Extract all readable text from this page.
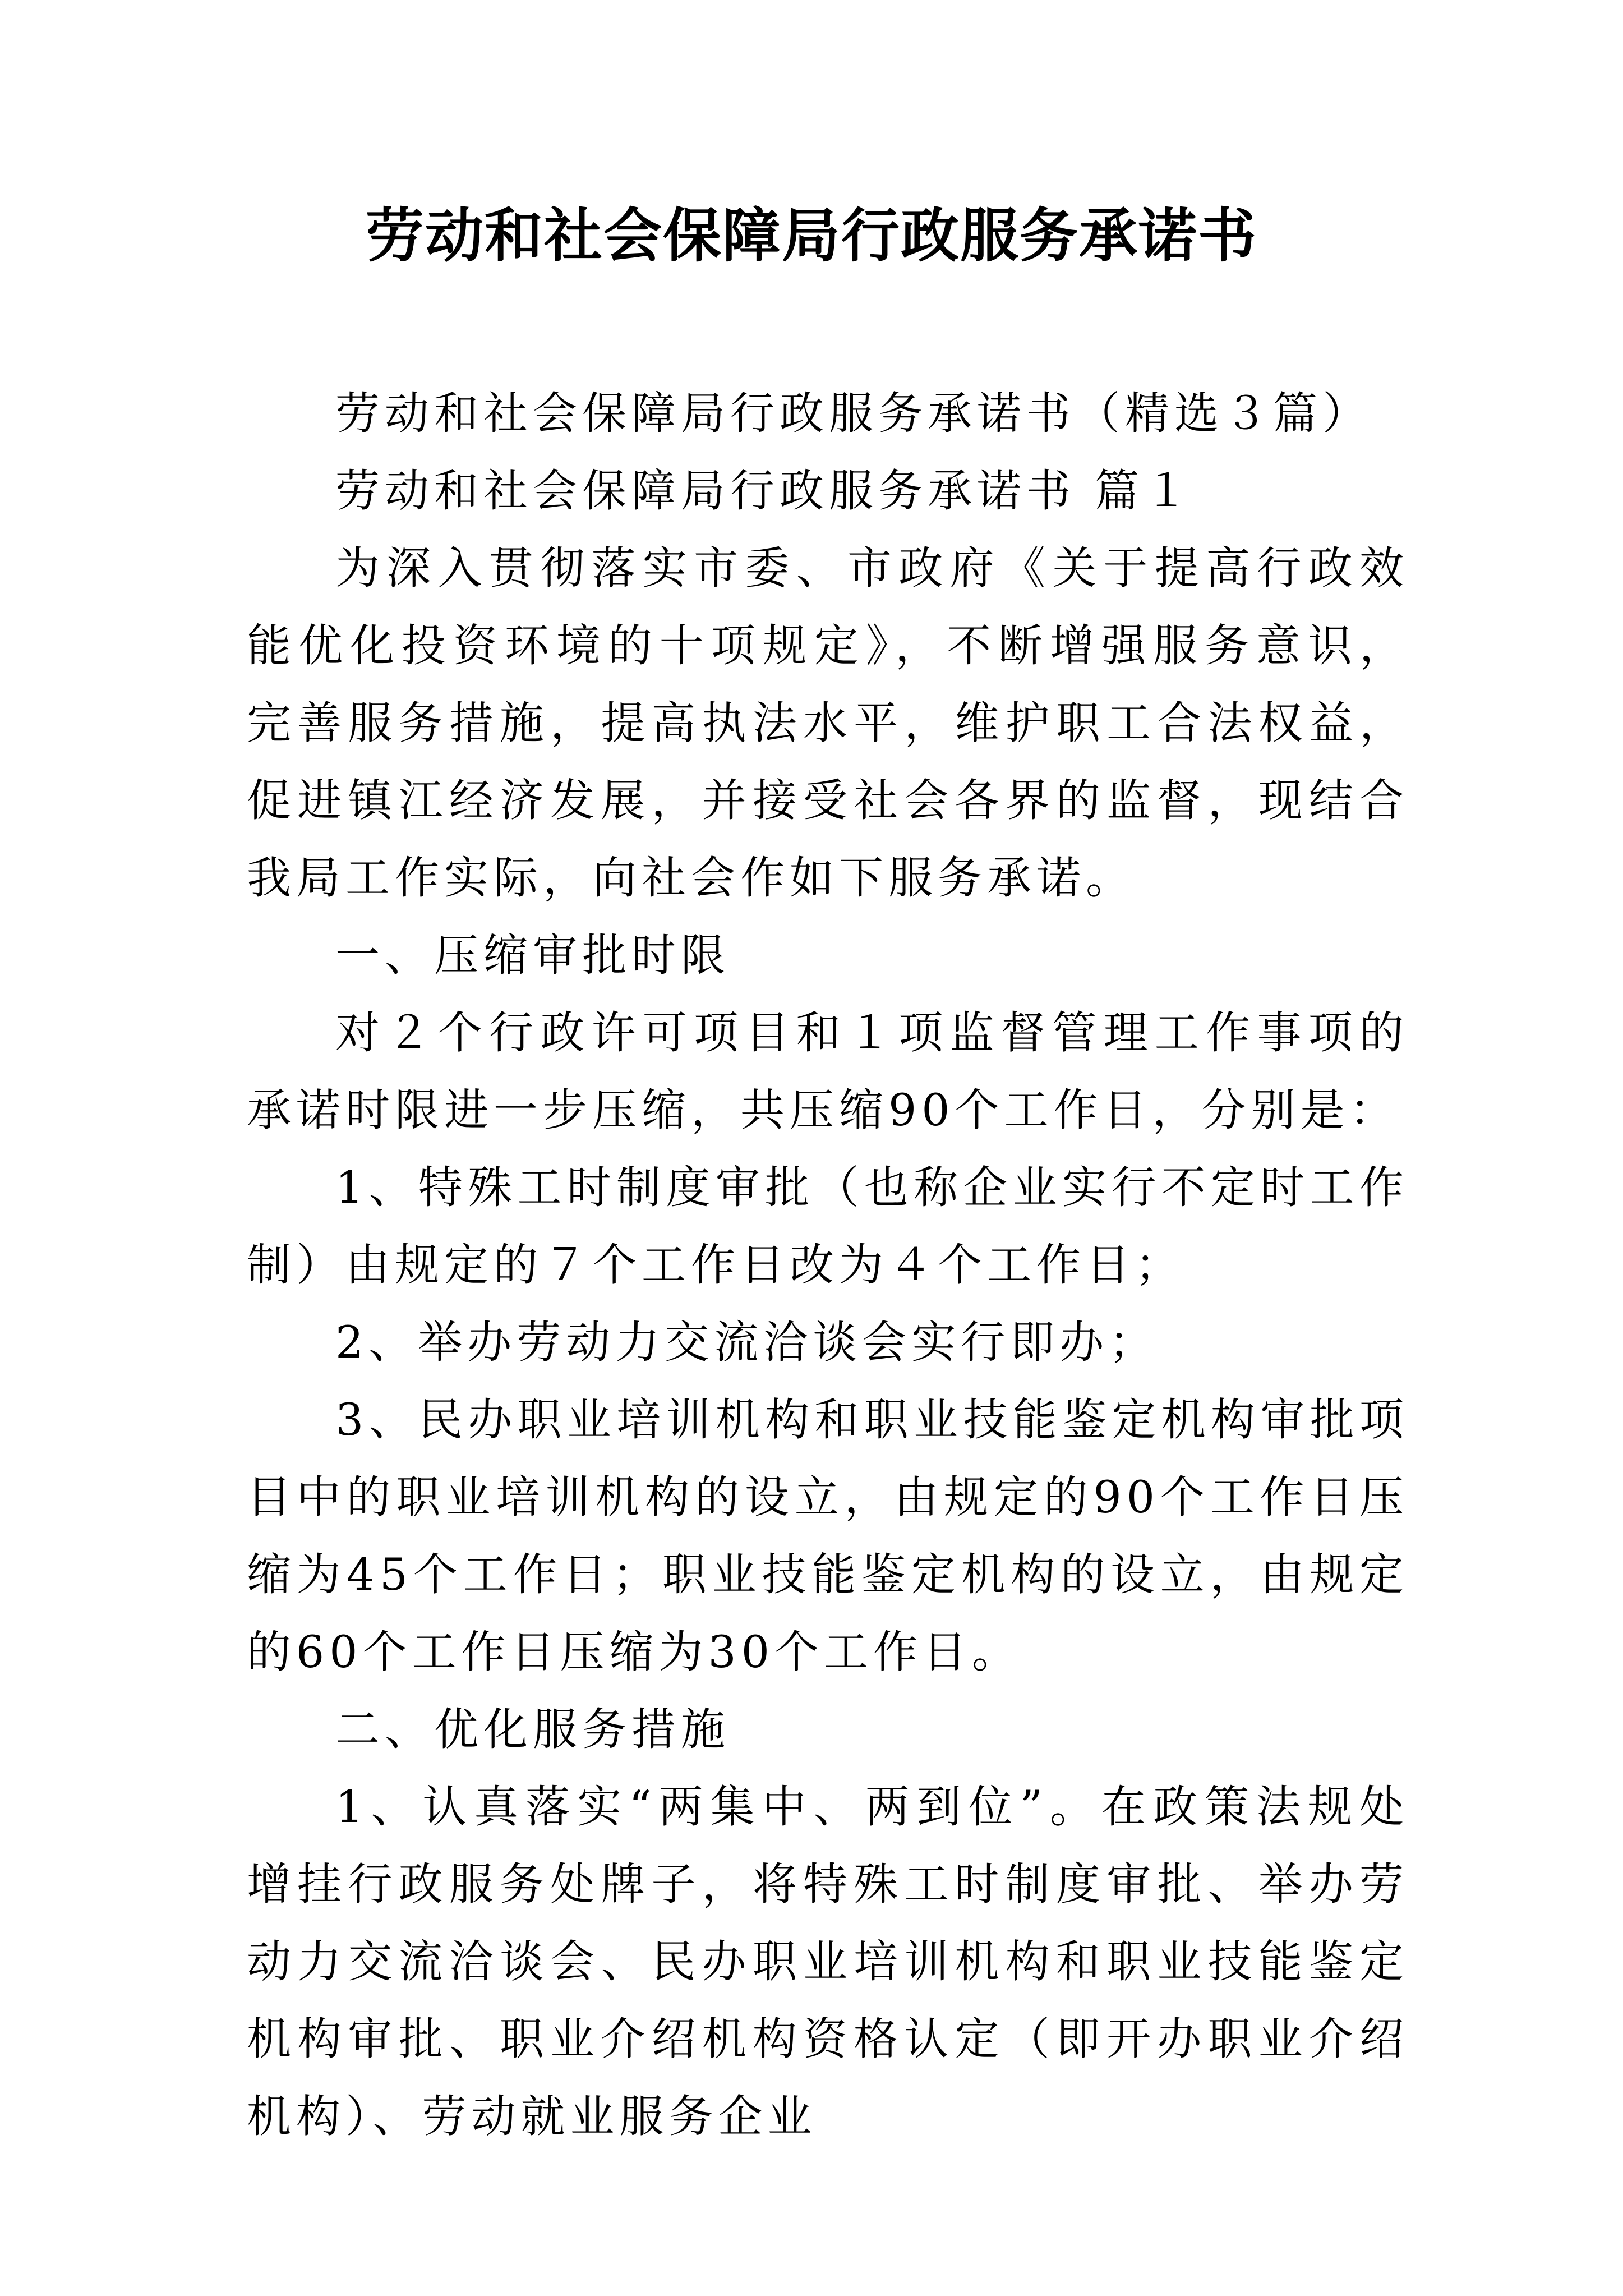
劳动和社会保障局行政服务承诺书

劳动和社会保障局行政服务承诺书（精选３篇）

劳动和社会保障局行政服务承诺书 篇１

为深入贯彻落实市委、市政府《关于提高行政效能优化投资环境的十项规定》，不断增强服务意识，完善服务措施，提高执法水平，维护职工合法权益，促进镇江经济发展，并接受社会各界的监督，现结合我局工作实际，向社会作如下服务承诺。

一、压缩审批时限

对２个行政许可项目和１项监督管理工作事项的承诺时限进一步压缩，共压缩90个工作日，分别是：

1、特殊工时制度审批（也称企业实行不定时工作制）由规定的７个工作日改为４个工作日；

2、举办劳动力交流洽谈会实行即办；

3、民办职业培训机构和职业技能鉴定机构审批项目中的职业培训机构的设立，由规定的90个工作日压缩为45个工作日；职业技能鉴定机构的设立，由规定的60个工作日压缩为30个工作日。

二、优化服务措施

1、认真落实“两集中、两到位”。在政策法规处增挂行政服务处牌子，将特殊工时制度审批、举办劳动力交流洽谈会、民办职业培训机构和职业技能鉴定机构审批、职业介绍机构资格认定（即开办职业介绍机构）、劳动就业服务企业
